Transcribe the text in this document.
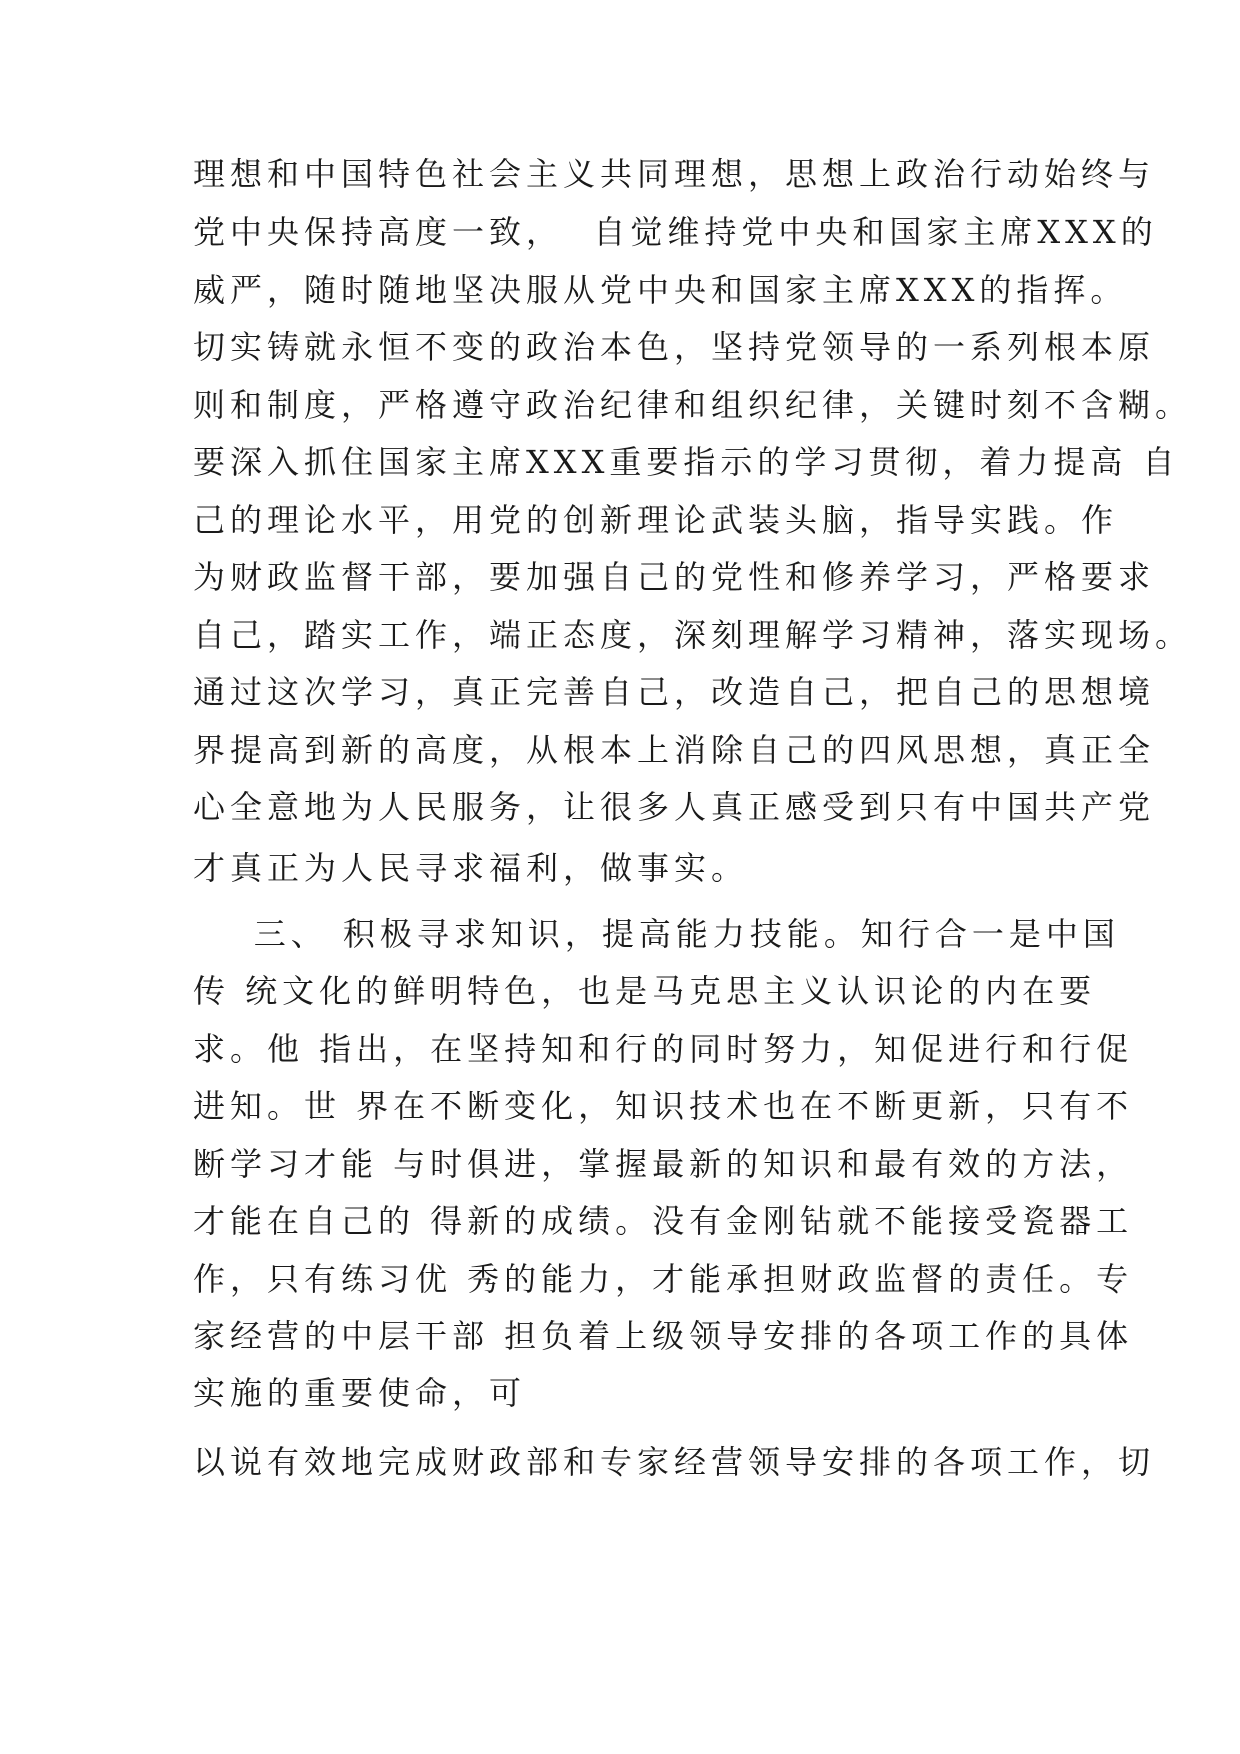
理想和中国特色社会主义共同理想，思想上政治行动始终与

党中央保持高度一致，  自觉维持党中央和国家主席XXX的

威严，随时随地坚决服从党中央和国家主席XXX的指挥。

切实铸就永恒不变的政治本色，坚持党领导的一系列根本原

则和制度，严格遵守政治纪律和组织纪律，关键时刻不含糊。

要深入抓住国家主席XXX重要指示的学习贯彻，着力提高 自

己的理论水平，用党的创新理论武装头脑，指导实践。作

为财政监督干部，要加强自己的党性和修养学习，严格要求

自己，踏实工作，端正态度，深刻理解学习精神，落实现场。

通过这次学习，真正完善自己，改造自己，把自己的思想境

界提高到新的高度，从根本上消除自己的四风思想，真正全

心全意地为人民服务，让很多人真正感受到只有中国共产党

才真正为人民寻求福利，做事实。

三、 积极寻求知识，提高能力技能。知行合一是中国

传 统文化的鲜明特色，也是马克思主义认识论的内在要

求。他 指出，在坚持知和行的同时努力，知促进行和行促

进知。世 界在不断变化，知识技术也在不断更新，只有不

断学习才能 与时俱进，掌握最新的知识和最有效的方法，

才能在自己的 得新的成绩。没有金刚钻就不能接受瓷器工

作，只有练习优 秀的能力，才能承担财政监督的责任。专

家经营的中层干部 担负着上级领导安排的各项工作的具体

实施的重要使命，可

以说有效地完成财政部和专家经营领导安排的各项工作，切
